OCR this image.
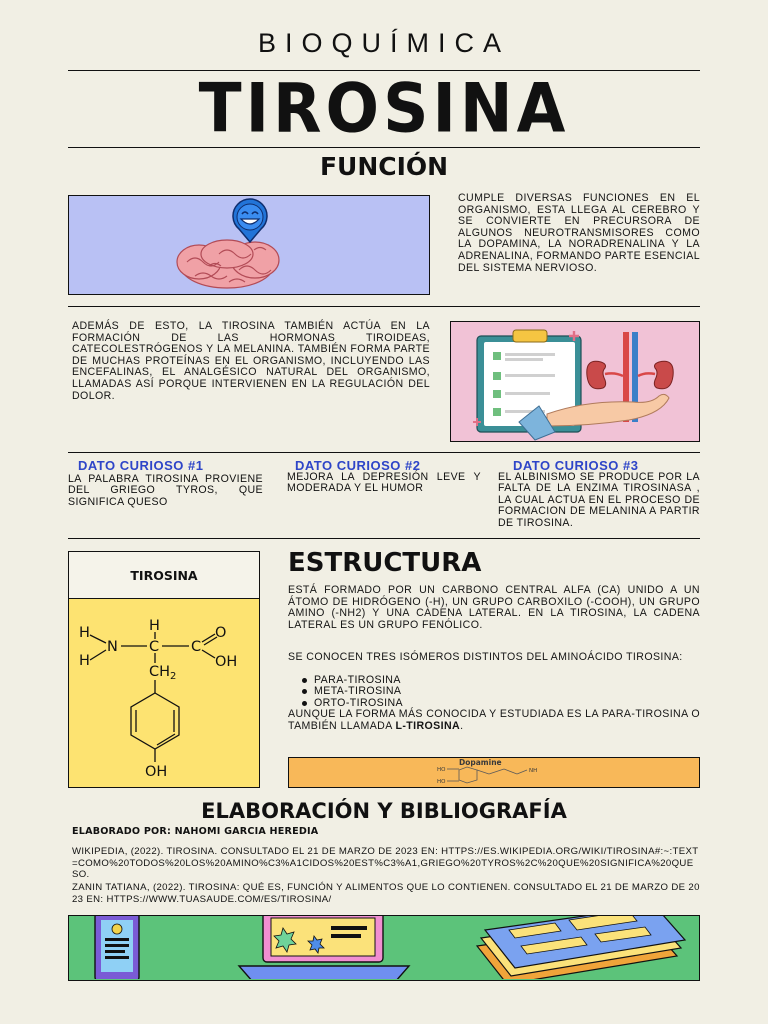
BIOQUÍMICA
TIROSINA
FUNCIÓN
CUMPLE DIVERSAS FUNCIONES EN EL ORGANISMO, ESTA LLEGA AL CEREBRO Y SE CONVIERTE EN PRECURSORA DE ALGUNOS NEUROTRANSMISORES COMO LA DOPAMINA, LA NORADRENALINA Y LA ADRENALINA, FORMANDO PARTE ESENCIAL DEL SISTEMA NERVIOSO.
ADEMÁS DE ESTO, LA TIROSINA TAMBIÉN ACTÚA EN LA FORMACIÓN DE LAS HORMONAS TIROIDEAS, CATECOLESTRÓGENOS Y LA MELANINA. TAMBIÉN FORMA PARTE DE MUCHAS PROTEÍNAS EN EL ORGANISMO, INCLUYENDO LAS ENCEFALINAS, EL ANALGÉSICO NATURAL DEL ORGANISMO, LLAMADAS ASÍ PORQUE INTERVIENEN EN LA REGULACIÓN DEL DOLOR.
DATO CURIOSO #1
LA PALABRA TIROSINA PROVIENE DEL GRIEGO TYROS, QUE SIGNIFICA QUESO
DATO CURIOSO #2
MEJORA LA DEPRESIÓN LEVE Y MODERADA Y EL HUMOR
DATO CURIOSO #3
EL ALBINISMO SE PRODUCE POR LA FALTA DE LA ENZIMA TIROSINASA , LA CUAL ACTUA EN EL PROCESO DE FORMACION DE MELANINA A PARTIR DE TIROSINA.
TIROSINA
H
H
N
H
C C
O
OH
$CH_2$
OH
ESTRUCTURA
ESTÁ FORMADO POR UN CARBONO CENTRAL ALFA (CA) UNIDO A UN ÁTOMO DE HIDRÓGENO (-H), UN GRUPO CARBOXILO (-COOH), UN GRUPO AMINO (-NH2) Y UNA CADENA LATERAL. EN LA TIROSINA, LA CADENA LATERAL ES UN GRUPO FENÓLICO.
SE CONOCEN TRES ISÓMEROS DISTINTOS DEL AMINOÁCIDO TIROSINA:
PARA-TIROSINA
META-TIROSINA
ORTO-TIROSINA
AUNQUE LA FORMA MÁS CONOCIDA Y ESTUDIADA ES LA PARA-TIROSINA O TAMBIÉN LLAMADA L-TIROSINA.
Dopamine
HO
HO
NH
ELABORACIÓN Y BIBLIOGRAFÍA
ELABORADO POR: NAHOMI GARCIA HEREDIA
WIKIPEDIA, (2022). TIROSINA. CONSULTADO EL 21 DE MARZO DE 2023 EN: HTTPS://ES.WIKIPEDIA.ORG/WIKI/TIROSINA#:~:TEXT=COMO%20TODOS%20LOS%20AMINO%C3%A1CIDOS%20EST%C3%A1,GRIEGO%20TYROS%2C%20QUE%20SIGNIFICA%20QUESO.
ZANIN TATIANA, (2022). TIROSINA: QUÉ ES, FUNCIÓN Y ALIMENTOS QUE LO CONTIENEN. CONSULTADO EL 21 DE MARZO DE 2023 EN: HTTPS://WWW.TUASAUDE.COM/ES/TIROSINA/
